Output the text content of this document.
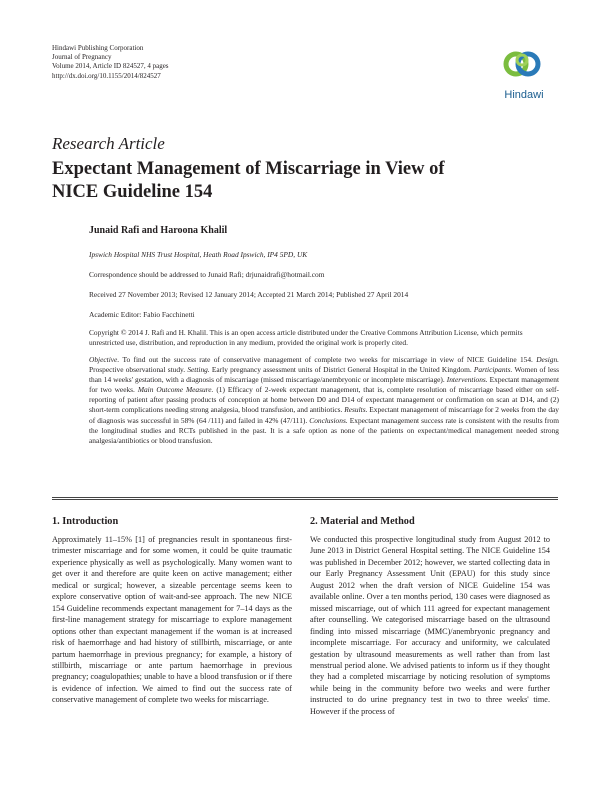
Hindawi Publishing Corporation
Journal of Pregnancy
Volume 2014, Article ID 824527, 4 pages
http://dx.doi.org/10.1155/2014/824527
Hindawi
Research Article
Expectant Management of Miscarriage in View of
NICE Guideline 154
Junaid Rafi and Haroona Khalil
Ipswich Hospital NHS Trust Hospital, Heath Road Ipswich, IP4 5PD, UK
Correspondence should be addressed to Junaid Rafi; drjunaidrafi@hotmail.com
Received 27 November 2013; Revised 12 January 2014; Accepted 21 March 2014; Published 27 April 2014
Academic Editor: Fabio Facchinetti
Copyright © 2014 J. Rafi and H. Khalil. This is an open access article distributed under the Creative Commons Attribution License, which permits unrestricted use, distribution, and reproduction in any medium, provided the original work is properly cited.
Objective. To find out the success rate of conservative management of complete two weeks for miscarriage in view of NICE Guideline 154. Design. Prospective observational study. Setting. Early pregnancy assessment units of District General Hospital in the United Kingdom. Participants. Women of less than 14 weeks' gestation, with a diagnosis of miscarriage (missed miscarriage/anembryonic or incomplete miscarriage). Interventions. Expectant management for two weeks. Main Outcome Measure. (1) Efficacy of 2-week expectant management, that is, complete resolution of miscarriage based either on self-reporting of patient after passing products of conception at home between D0 and D14 of expectant management or confirmation on scan at D14, and (2) short-term complications needing strong analgesia, blood transfusion, and antibiotics. Results. Expectant management of miscarriage for 2 weeks from the day of diagnosis was successful in 58% (64 /111) and failed in 42% (47/111). Conclusions. Expectant management success rate is consistent with the results from the longitudinal studies and RCTs published in the past. It is a safe option as none of the patients on expectant/medical management needed strong analgesia/antibiotics or blood transfusion.
1. Introduction	2. Material and Method
Approximately 11–15% [1] of pregnancies result in spontaneous first-trimester miscarriage and for some women, it could be quite traumatic experience physically as well as psychologically. Many women want to get over it and therefore are quite keen on active management; either medical or surgical; however, a sizeable percentage seems keen to explore conservative option of wait-and-see approach. The new NICE 154 Guideline recommends expectant management for 7–14 days as the first-line management strategy for miscarriage to explore management options other than expectant management if the woman is at increased risk of haemorrhage and had history of stillbirth, miscarriage, or ante partum haemorrhage in previous pregnancy; for example, a history of stillbirth, miscarriage or ante partum haemorrhage in previous pregnancy; coagulopathies; unable to have a blood transfusion or if there is evidence of infection. We aimed to find out the success rate of conservative management of complete two weeks for miscarriage.
We conducted this prospective longitudinal study from August 2012 to June 2013 in District General Hospital setting. The NICE Guideline 154 was published in December 2012; however, we started collecting data in our Early Pregnancy Assessment Unit (EPAU) for this study since August 2012 when the draft version of NICE Guideline 154 was available online. Over a ten months period, 130 cases were diagnosed as missed miscarriage, out of which 111 agreed for expectant management after counselling. We categorised miscarriage based on the ultrasound finding into missed miscarriage (MMC)/anembryonic pregnancy and incomplete miscarriage. For accuracy and uniformity, we calculated gestation by ultrasound measurements as well rather than from last menstrual period alone. We advised patients to inform us if they thought they had a completed miscarriage by noticing resolution of symptoms while being in the community before two weeks and were further instructed to do urine pregnancy test in two to three weeks' time. However if the process of
